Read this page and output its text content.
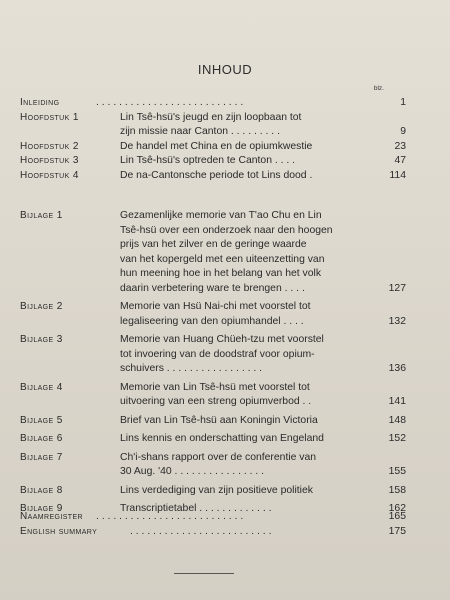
INHOUD
blz.
Inleiding	. . . . . . . . . . . . . . . . . . . . . . . . . .	1
Hoofdstuk 1	Lin Tsê-hsü's jeugd en zijn loopbaan tot
zijn missie naar Canton . . . . . . . . .	9
Hoofdstuk 2	De handel met China en de opiumkwestie	23
Hoofdstuk 3	Lin Tsê-hsü's optreden te Canton . . . .	47
Hoofdstuk 4	De na-Cantonsche periode tot Lins dood .	114
Bijlage 1	Gezamenlijke memorie van T'ao Chu en Lin
Tsê-hsü over een onderzoek naar den hoogen
prijs van het zilver en de geringe waarde
van het kopergeld met een uiteenzetting van
hun meening hoe in het belang van het volk
daarin verbetering ware te brengen . . . .	127
Bijlage 2	Memorie van Hsü Nai-chi met voorstel tot
legaliseering van den opiumhandel . . . .	132
Bijlage 3	Memorie van Huang Chüeh-tzu met voorstel
tot invoering van de doodstraf voor opium-
schuivers . . . . . . . . . . . . . . . . .	136
Bijlage 4	Memorie van Lin Tsê-hsü met voorstel tot
uitvoering van een streng opiumverbod . .	141
Bijlage 5	Brief van Lin Tsê-hsü aan Koningin Victoria	148
Bijlage 6	Lins kennis en onderschatting van Engeland	152
Bijlage 7	Ch'i-shans rapport over de conferentie van
30 Aug. '40 . . . . . . . . . . . . . . . .	155
Bijlage 8	Lins verdediging van zijn positieve politiek	158
Bijlage 9	Transcriptietabel . . . . . . . . . . . . .	162
Naamregister	. . . . . . . . . . . . . . . . . . . . . . . . . .	165
English summary	. . . . . . . . . . . . . . . . . . . . . . . . .	175
